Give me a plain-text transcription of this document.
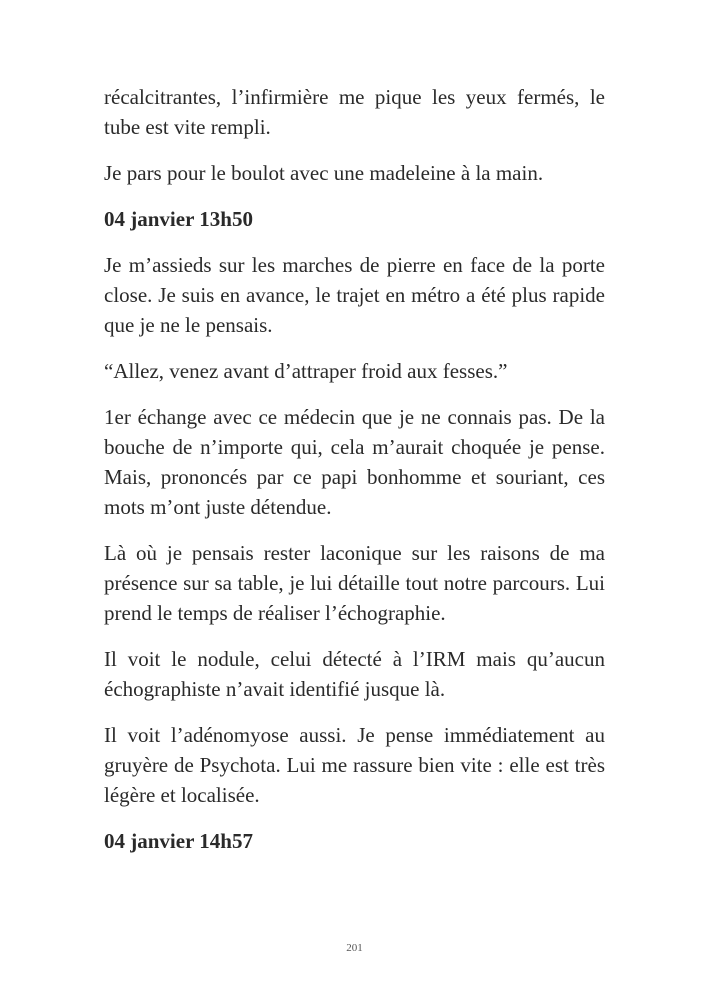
récalcitrantes, l’infirmière me pique les yeux fermés, le tube est vite rempli.

Je pars pour le boulot avec une madeleine à la main.

04 janvier 13h50

Je m’assieds sur les marches de pierre en face de la porte close. Je suis en avance, le trajet en métro a été plus rapide que je ne le pensais.

“Allez, venez avant d’attraper froid aux fesses.”

1er échange avec ce médecin que je ne connais pas. De la bouche de n’importe qui, cela m’aurait choquée je pense. Mais, prononcés par ce papi bonhomme et souriant, ces mots m’ont juste détendue.

Là où je pensais rester laconique sur les raisons de ma présence sur sa table, je lui détaille tout notre parcours. Lui prend le temps de réaliser l’échographie.

Il voit le nodule, celui détecté à l’IRM mais qu’aucun échographiste n’avait identifié jusque là.

Il voit l’adénomyose aussi. Je pense immédiatement au gruyère de Psychota. Lui me rassure bien vite : elle est très légère et localisée.

04 janvier 14h57

201
